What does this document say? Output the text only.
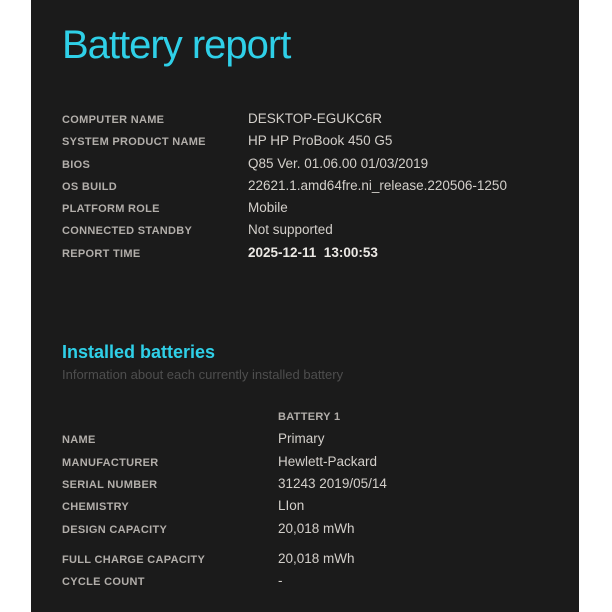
Battery report
COMPUTER NAME	DESKTOP-EGUKC6R
SYSTEM PRODUCT NAME	HP HP ProBook 450 G5
BIOS	Q85 Ver. 01.06.00 01/03/2019
OS BUILD	22621.1.amd64fre.ni_release.220506-1250
PLATFORM ROLE	Mobile
CONNECTED STANDBY	Not supported
REPORT TIME	2025-12-11  13:00:53
Installed batteries
Information about each currently installed battery
BATTERY 1
NAME	Primary
MANUFACTURER	Hewlett-Packard
SERIAL NUMBER	31243 2019/05/14
CHEMISTRY	LIon
DESIGN CAPACITY	20,018 mWh
FULL CHARGE CAPACITY	20,018 mWh
CYCLE COUNT	-
